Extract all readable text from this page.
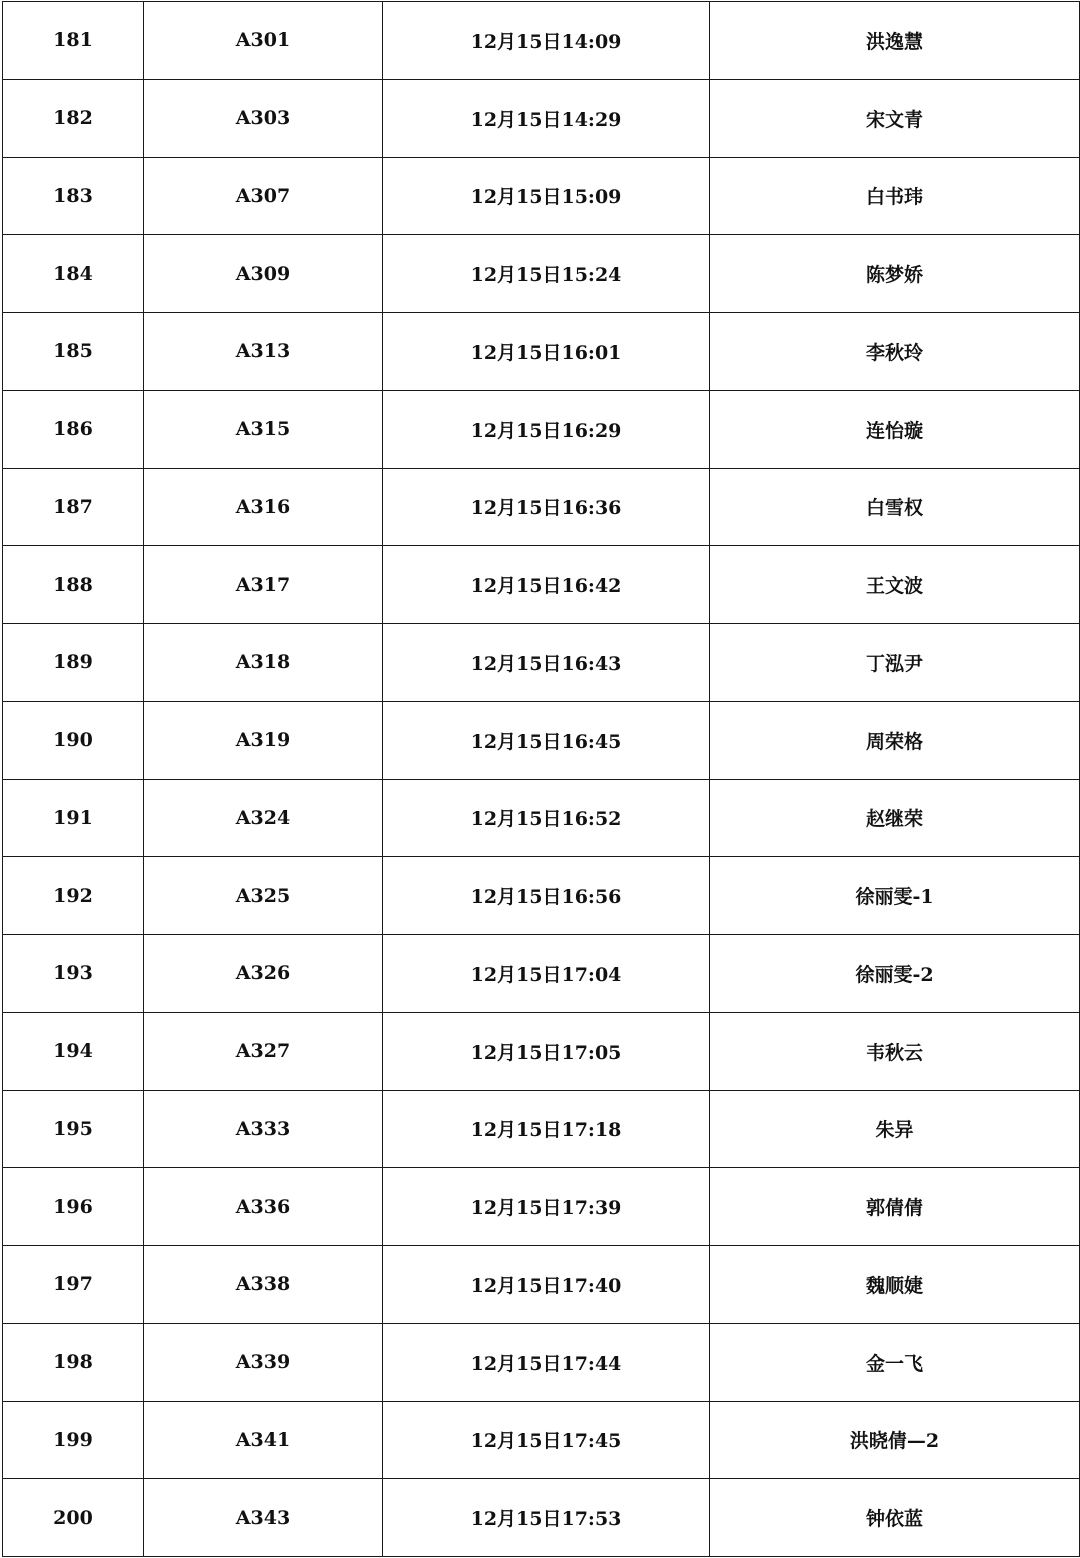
181	A301	12月15日14:09	洪逸慧
182	A303	12月15日14:29	宋文青
183	A307	12月15日15:09	白书玮
184	A309	12月15日15:24	陈梦娇
185	A313	12月15日16:01	李秋玲
186	A315	12月15日16:29	连怡璇
187	A316	12月15日16:36	白雪权
188	A317	12月15日16:42	王文波
189	A318	12月15日16:43	丁泓尹
190	A319	12月15日16:45	周荣格
191	A324	12月15日16:52	赵继荣
192	A325	12月15日16:56	徐丽雯-1
193	A326	12月15日17:04	徐丽雯-2
194	A327	12月15日17:05	韦秋云
195	A333	12月15日17:18	朱异
196	A336	12月15日17:39	郭倩倩
197	A338	12月15日17:40	魏顺婕
198	A339	12月15日17:44	金一飞
199	A341	12月15日17:45	洪晓倩—2
200	A343	12月15日17:53	钟依蓝
